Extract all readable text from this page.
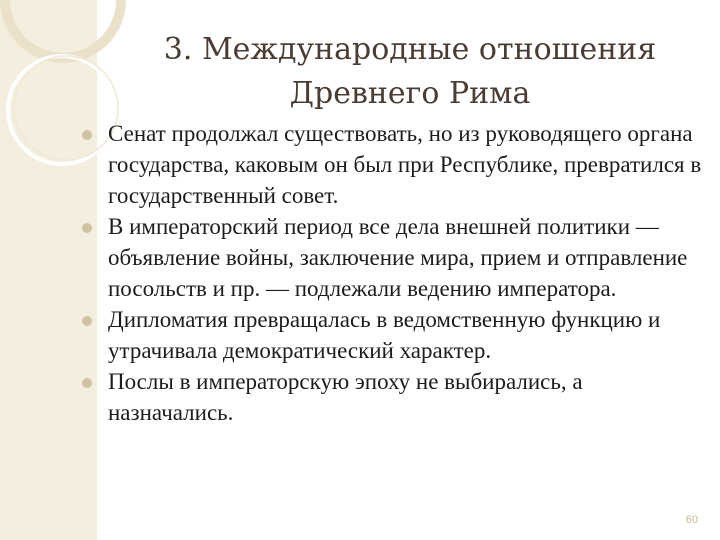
3. Международные отношения
Древнего Рима
Сенат продолжал существовать, но из руководящего органа государства, каковым он был при Республике, превратился в государственный совет.
В императорский период все дела внешней политики — объявление войны, заключение мира, прием и отправление посольств и пр. — подлежали ведению императора.
Дипломатия превращалась в ведомственную функцию и утрачивала демократический характер.
Послы в императорскую эпоху не выбирались, а назначались.
60
